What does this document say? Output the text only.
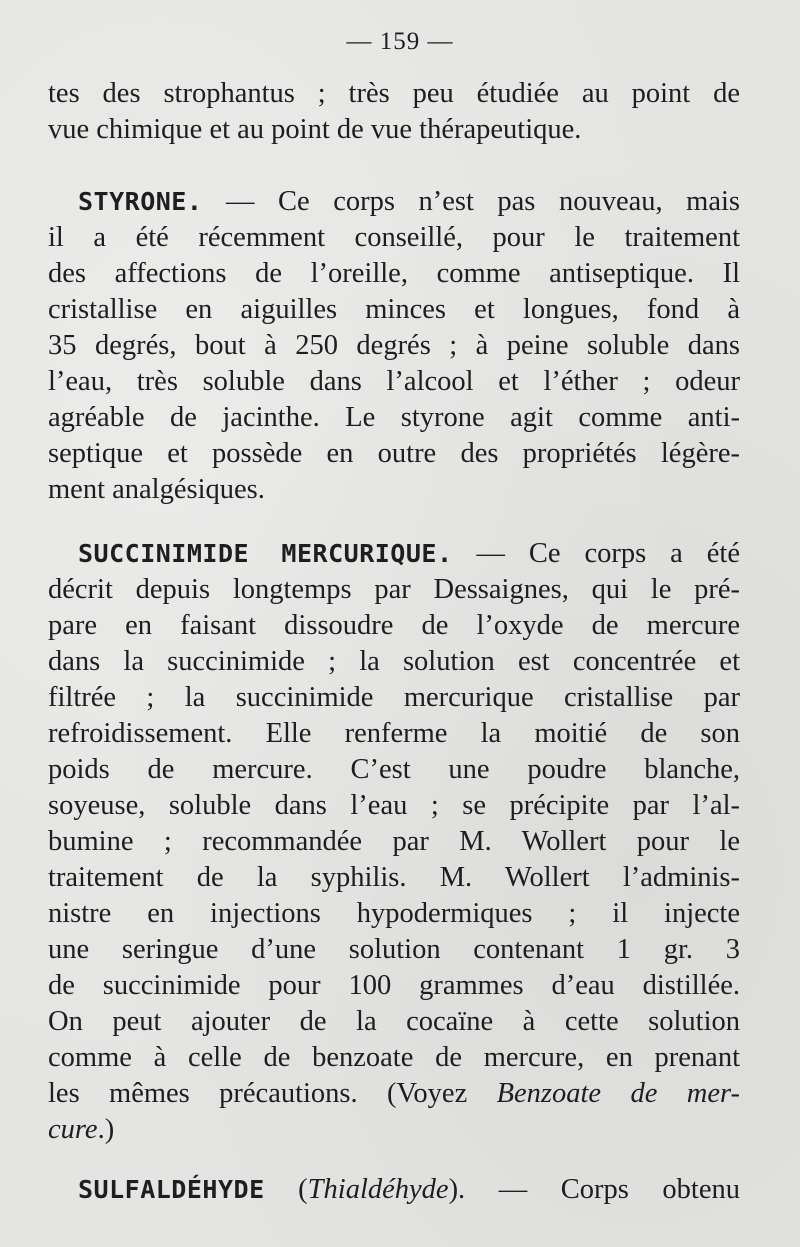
— 159 —
tes des strophantus ; très peu étudiée au point de
vue chimique et au point de vue thérapeutique.
STYRONE. — Ce corps n’est pas nouveau, mais
il a été récemment conseillé, pour le traitement
des affections de l’oreille, comme antiseptique. Il
cristallise en aiguilles minces et longues, fond à
35 degrés, bout à 250 degrés ; à peine soluble dans
l’eau, très soluble dans l’alcool et l’éther ; odeur
agréable de jacinthe. Le styrone agit comme anti-
septique et possède en outre des propriétés légère-
ment analgésiques.
SUCCINIMIDE MERCURIQUE. — Ce corps a été
décrit depuis longtemps par Dessaignes, qui le pré-
pare en faisant dissoudre de l’oxyde de mercure
dans la succinimide ; la solution est concentrée et
filtrée ; la succinimide mercurique cristallise par
refroidissement. Elle renferme la moitié de son
poids de mercure. C’est une poudre blanche,
soyeuse, soluble dans l’eau ; se précipite par l’al-
bumine ; recommandée par M. Wollert pour le
traitement de la syphilis. M. Wollert l’adminis-
nistre en injections hypodermiques ; il injecte
une seringue d’une solution contenant 1 gr. 3
de succinimide pour 100 grammes d’eau distillée.
On peut ajouter de la cocaïne à cette solution
comme à celle de benzoate de mercure, en prenant
les mêmes précautions. (Voyez Benzoate de mer-
cure.)
SULFALDÉHYDE (Thialdéhyde). — Corps obtenu
